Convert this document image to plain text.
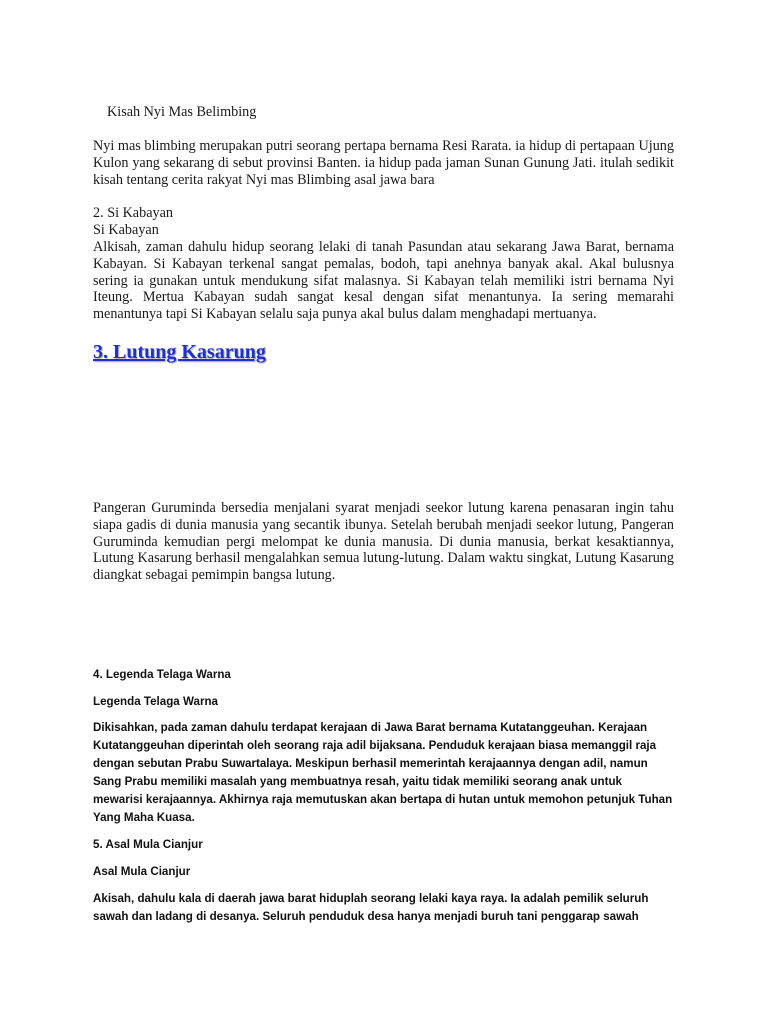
Kisah Nyi Mas Belimbing

Nyi mas blimbing merupakan putri seorang pertapa bernama Resi Rarata. ia hidup di pertapaan Ujung Kulon yang sekarang di sebut provinsi Banten. ia hidup pada jaman Sunan Gunung Jati. itulah sedikit kisah tentang cerita rakyat Nyi mas Blimbing asal jawa bara

2. Si Kabayan

Si Kabayan

Alkisah, zaman dahulu hidup seorang lelaki di tanah Pasundan atau sekarang Jawa Barat, bernama Kabayan. Si Kabayan terkenal sangat pemalas, bodoh, tapi anehnya banyak akal. Akal bulusnya sering ia gunakan untuk mendukung sifat malasnya. Si Kabayan telah memiliki istri bernama Nyi Iteung. Mertua Kabayan sudah sangat kesal dengan sifat menantunya. Ia sering memarahi menantunya tapi Si Kabayan selalu saja punya akal bulus dalam menghadapi mertuanya.

3. Lutung Kasarung

Pangeran Guruminda bersedia menjalani syarat menjadi seekor lutung karena penasaran ingin tahu siapa gadis di dunia manusia yang secantik ibunya. Setelah berubah menjadi seekor lutung, Pangeran Guruminda kemudian pergi melompat ke dunia manusia. Di dunia manusia, berkat kesaktiannya, Lutung Kasarung berhasil mengalahkan semua lutung-lutung. Dalam waktu singkat, Lutung Kasarung diangkat sebagai pemimpin bangsa lutung.

4. Legenda Telaga Warna

Legenda Telaga Warna

Dikisahkan, pada zaman dahulu terdapat kerajaan di Jawa Barat bernama Kutatanggeuhan. Kerajaan Kutatanggeuhan diperintah oleh seorang raja adil bijaksana. Penduduk kerajaan biasa memanggil raja dengan sebutan Prabu Suwartalaya. Meskipun berhasil memerintah kerajaannya dengan adil, namun Sang Prabu memiliki masalah yang membuatnya resah, yaitu tidak memiliki seorang anak untuk mewarisi kerajaannya. Akhirnya raja memutuskan akan bertapa di hutan untuk memohon petunjuk Tuhan Yang Maha Kuasa.

5. Asal Mula Cianjur

Asal Mula Cianjur

Akisah, dahulu kala di daerah jawa barat hiduplah seorang lelaki kaya raya. Ia adalah pemilik seluruh sawah dan ladang di desanya. Seluruh penduduk desa hanya menjadi buruh tani penggarap sawah
